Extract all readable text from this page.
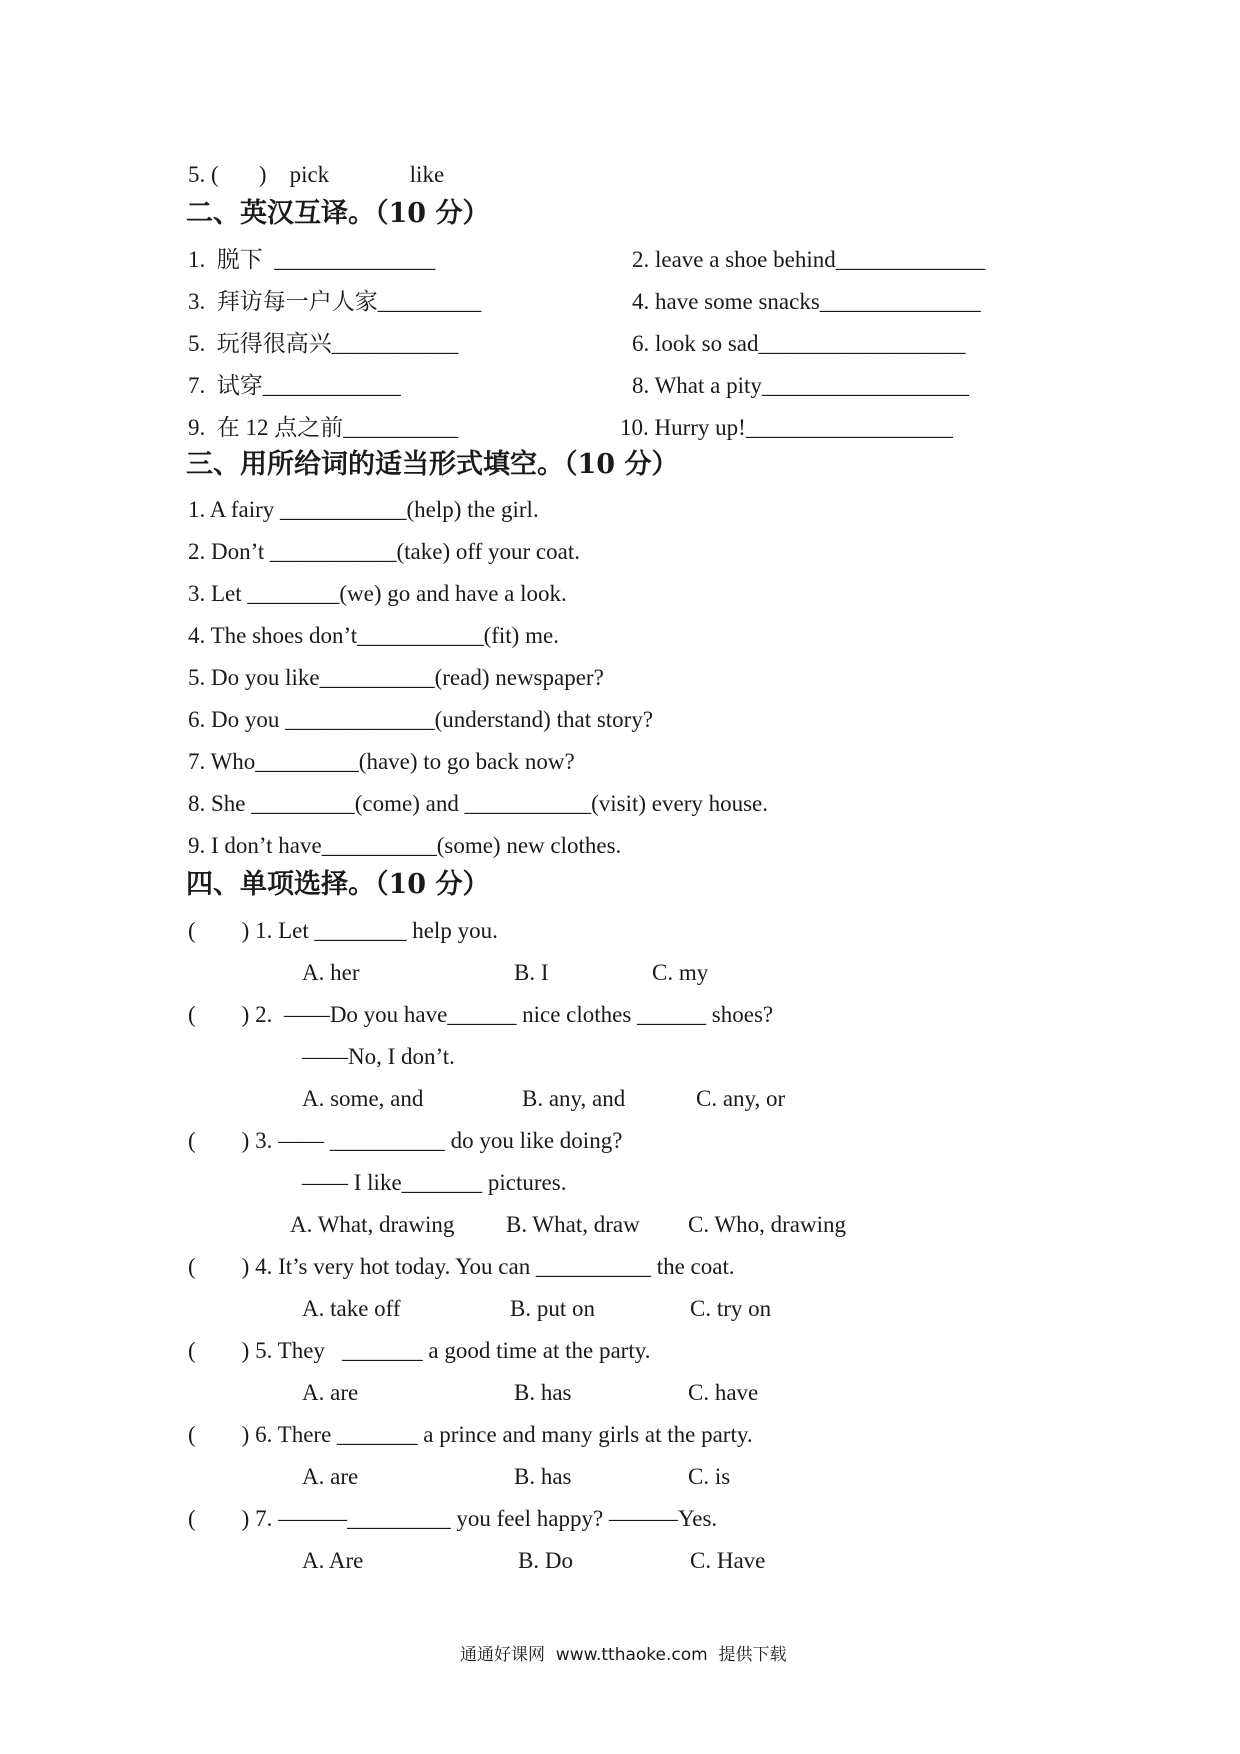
5. (       )    pick              like
二、英汉互译。（10 分）
1.  脱下  ______________	2. leave a shoe behind_____________
3.  拜访每一户人家_________	4. have some snacks______________
5.  玩得很高兴___________	6. look so sad__________________
7.  试穿____________	8. What a pity__________________
9.  在 12 点之前__________	10. Hurry up!__________________
三、用所给词的适当形式填空。（10 分）
1. A fairy ___________(help) the girl.
2. Don’t ___________(take) off your coat.
3. Let ________(we) go and have a look.
4. The shoes don’t___________(fit) me.
5. Do you like__________(read) newspaper?
6. Do you _____________(understand) that story?
7. Who_________(have) to go back now?
8. She _________(come) and ___________(visit) every house.
9. I don’t have__________(some) new clothes.
四、单项选择。（10 分）
(        ) 1. Let ________ help you.
A. her	B. I	C. my
(        ) 2.  ——Do you have______ nice clothes ______ shoes?
——No, I don’t.
A. some, and	B. any, and	C. any, or
(        ) 3. —— __________ do you like doing?
—— I like_______ pictures.
A. What, drawing B. What, draw C. Who, drawing
(        ) 4. It’s very hot today. You can __________ the coat.
A. take off	B. put on	C. try on
(        ) 5. They   _______ a good time at the party.
A. are	B. has	C. have
(        ) 6. There _______ a prince and many girls at the party.
A. are	B. has	C. is
(        ) 7. ———_________ you feel happy? ———Yes.
A. Are	B. Do	C. Have
通通好课网  www.tthaoke.com  提供下载
